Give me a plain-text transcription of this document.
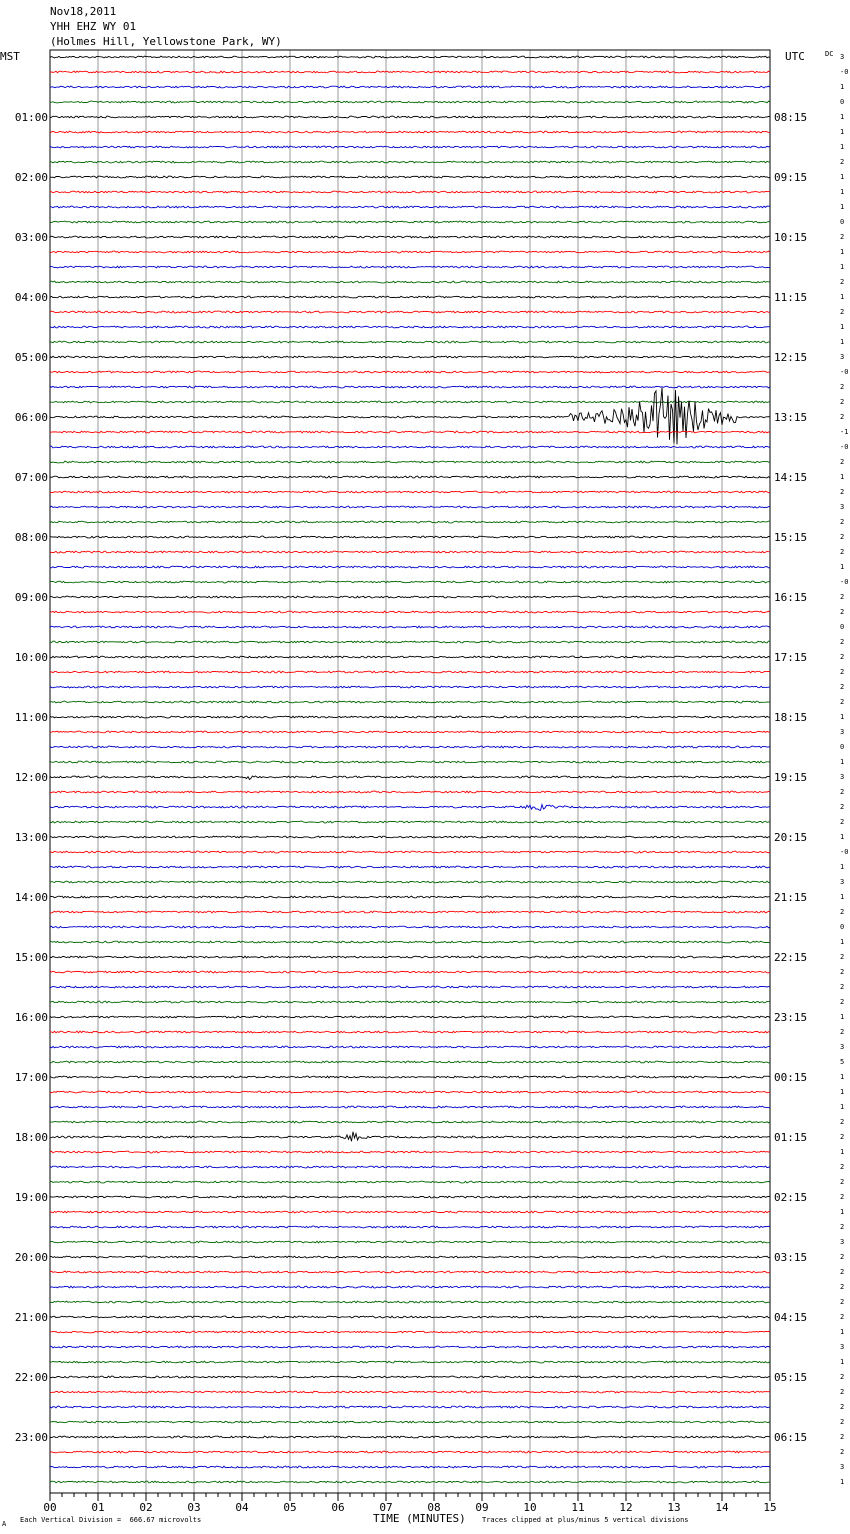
Nov18,2011
YHH EHZ WY 01
(Holmes Hill, Yellowstone Park, WY)
MST	UTC	DC 3
-0
1
0
1
1
1
2
1
1
1
0
2
1
1
2
1
2
1
1
3
-0
2
2
2
-1
-0
2
1
2
3
2
2
2
1
-0
2
2
0
2
2
2
2
2
1
3
0
1
3
2
2
2
1
-0
1
3
1
2
0
1
2
2
2
2
1
2
3
5
1
1
1
2
2
1
2
2
2
1
2
3
2
2
2
2
2
1
3
1
2
2
2
2
2
2
3
1
01:00
02:00
03:00
04:00
05:00
06:00
07:00
08:00
09:00
10:00
11:00
12:00
13:00
14:00
15:00
16:00
17:00
18:00
19:00
20:00
21:00
22:00
23:00
08:15
09:15
10:15
11:15
12:15
13:15
14:15
15:15
16:15
17:15
18:15
19:15
20:15
21:15
22:15
23:15
00:15
01:15
02:15
03:15
04:15
05:15
06:15
00	01	02	03	04	05	06	07	08	09	10	11	12	13	14	15
A Each Vertical Division =  666.67 microvolts	TIME (MINUTES) Traces clipped at plus/minus 5 vertical divisions
